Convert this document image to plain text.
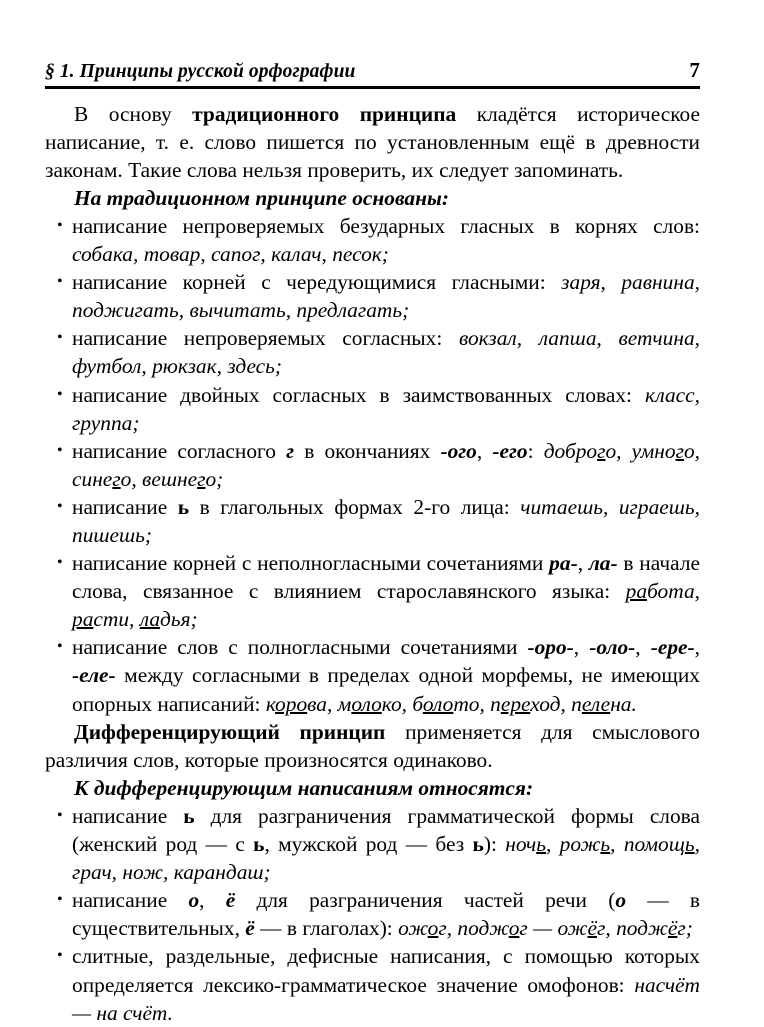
§ 1. Принципы русской орфографии	7

В основу традиционного принципа кладётся историческое написание, т. е. слово пишется по установленным ещё в древности законам. Такие слова нельзя проверить, их следует запоминать.

На традиционном принципе основаны:

• написание непроверяемых безударных гласных в корнях слов: собака, товар, сапог, калач, песок;
• написание корней с чередующимися гласными: заря, равнина, поджигать, вычитать, предлагать;
• написание непроверяемых согласных: вокзал, лапша, ветчина, футбол, рюкзак, здесь;
• написание двойных согласных в заимствованных словах: класс, группа;
• написание согласного г в окончаниях -ого, -его: доброго, умного, синего, вешнего;
• написание ь в глагольных формах 2-го лица: читаешь, играешь, пишешь;
• написание корней с неполногласными сочетаниями ра-, ла- в начале слова, связанное с влиянием старославянского языка: работа, расти, ладья;
• написание слов с полногласными сочетаниями -оро-, -оло-, -ере-, -еле- между согласными в пределах одной морфемы, не имеющих опорных написаний: корова, молоко, болото, переход, пелена.

Дифференцирующий принцип применяется для смыслового различия слов, которые произносятся одинаково.

К дифференцирующим написаниям относятся:

• написание ь для разграничения грамматической формы слова (женский род — с ь, мужской род — без ь): ночь, рожь, помощь, грач, нож, карандаш;
• написание о, ё для разграничения частей речи (о — в существительных, ё — в глаголах): ожог, поджог — ожёг, поджёг;
• слитные, раздельные, дефисные написания, с помощью которых определяется лексико-грамматическое значение омофонов: насчёт — на счёт.
